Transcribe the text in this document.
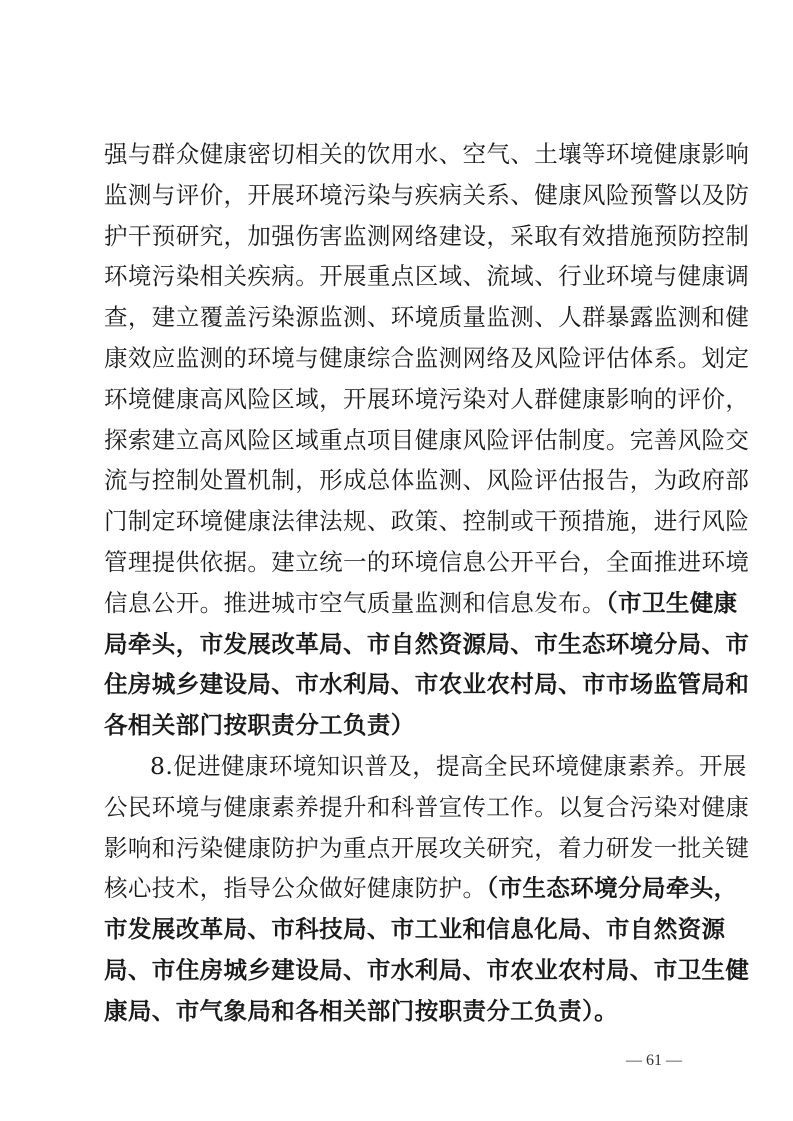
强与群众健康密切相关的饮用水、空气、土壤等环境健康影响
监测与评价，开展环境污染与疾病关系、健康风险预警以及防
护干预研究，加强伤害监测网络建设，采取有效措施预防控制
环境污染相关疾病。开展重点区域、流域、行业环境与健康调
查，建立覆盖污染源监测、环境质量监测、人群暴露监测和健
康效应监测的环境与健康综合监测网络及风险评估体系。划定
环境健康高风险区域，开展环境污染对人群健康影响的评价，
探索建立高风险区域重点项目健康风险评估制度。完善风险交
流与控制处置机制，形成总体监测、风险评估报告，为政府部
门制定环境健康法律法规、政策、控制或干预措施，进行风险
管理提供依据。建立统一的环境信息公开平台，全面推进环境
信息公开。推进城市空气质量监测和信息发布。（市卫生健康
局牵头，市发展改革局、市自然资源局、市生态环境分局、市
住房城乡建设局、市水利局、市农业农村局、市市场监管局和
各相关部门按职责分工负责）
8.促进健康环境知识普及，提高全民环境健康素养。开展
公民环境与健康素养提升和科普宣传工作。以复合污染对健康
影响和污染健康防护为重点开展攻关研究，着力研发一批关键
核心技术，指导公众做好健康防护。（市生态环境分局牵头，
市发展改革局、市科技局、市工业和信息化局、市自然资源
局、市住房城乡建设局、市水利局、市农业农村局、市卫生健
康局、市气象局和各相关部门按职责分工负责）。
— 61 —
